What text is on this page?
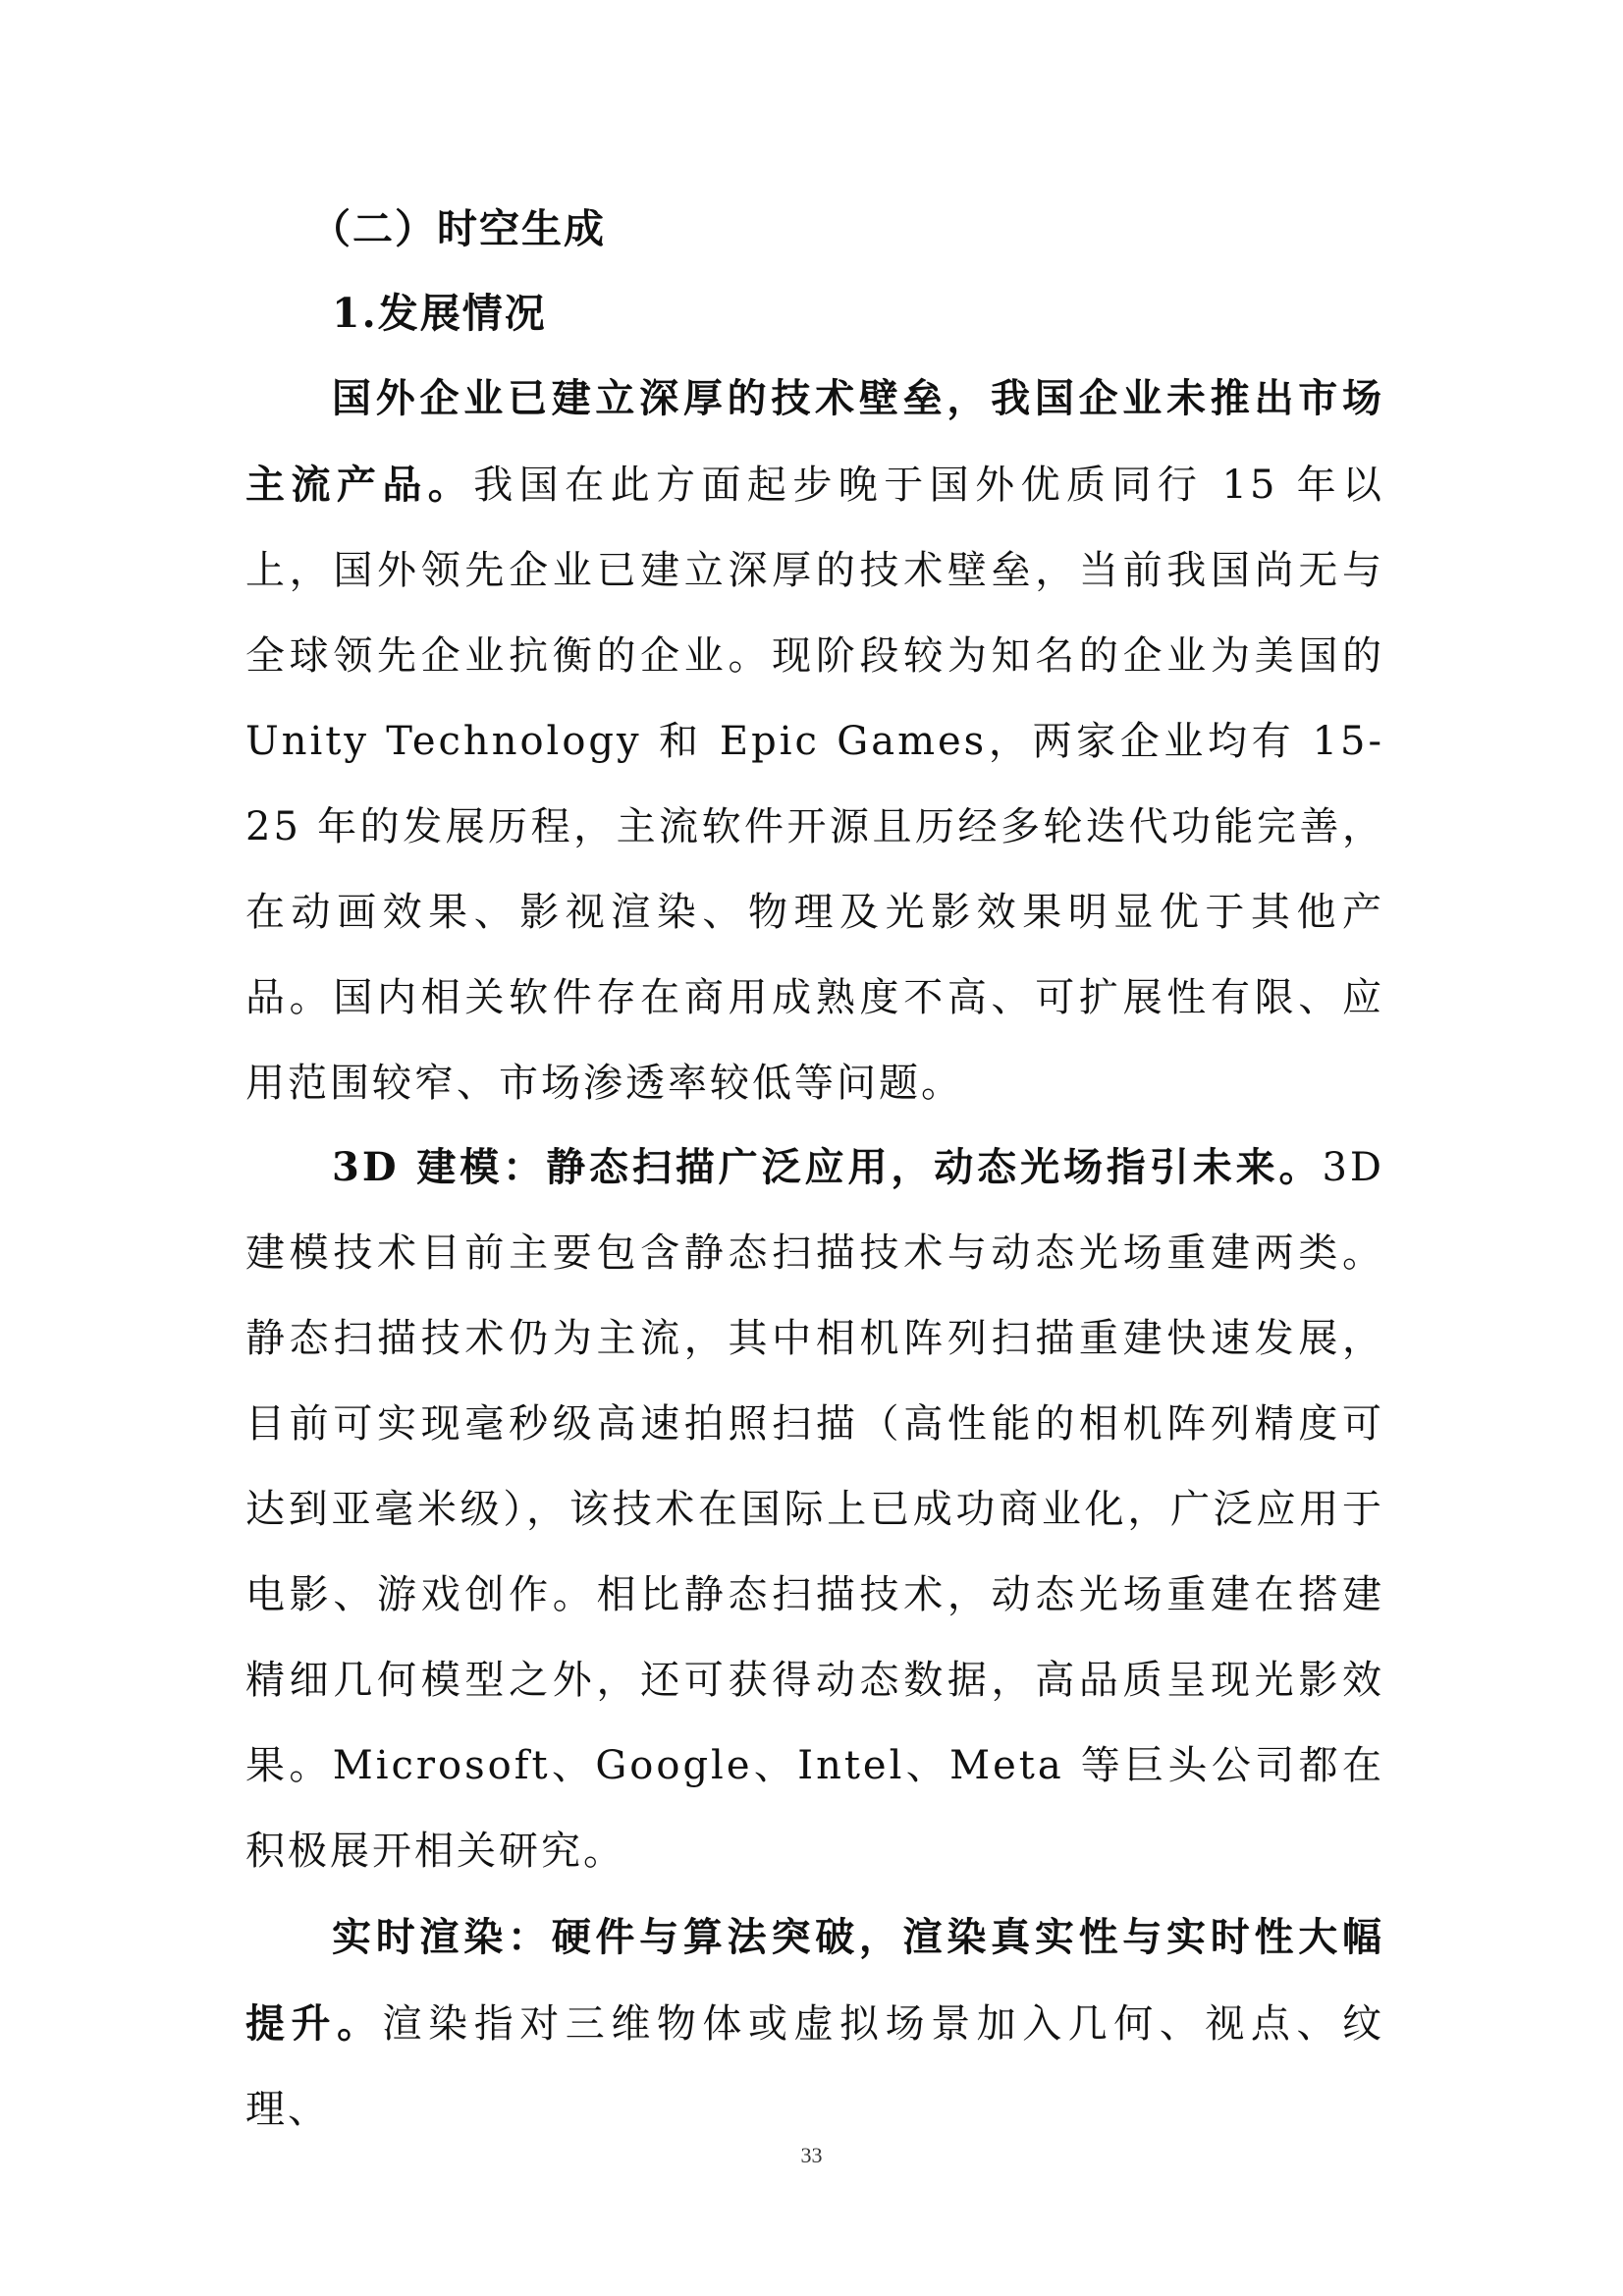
（二）时空生成
1.发展情况

国外企业已建立深厚的技术壁垒，我国企业未推出市场主流产品。我国在此方面起步晚于国外优质同行 15 年以上，国外领先企业已建立深厚的技术壁垒，当前我国尚无与全球领先企业抗衡的企业。现阶段较为知名的企业为美国的 Unity Technology 和 Epic Games，两家企业均有 15-25 年的发展历程，主流软件开源且历经多轮迭代功能完善，在动画效果、影视渲染、物理及光影效果明显优于其他产品。国内相关软件存在商用成熟度不高、可扩展性有限、应用范围较窄、市场渗透率较低等问题。

3D 建模：静态扫描广泛应用，动态光场指引未来。3D 建模技术目前主要包含静态扫描技术与动态光场重建两类。静态扫描技术仍为主流，其中相机阵列扫描重建快速发展，目前可实现毫秒级高速拍照扫描（高性能的相机阵列精度可达到亚毫米级），该技术在国际上已成功商业化，广泛应用于电影、游戏创作。相比静态扫描技术，动态光场重建在搭建精细几何模型之外，还可获得动态数据，高品质呈现光影效果。Microsoft、Google、Intel、Meta 等巨头公司都在积极展开相关研究。

实时渲染：硬件与算法突破，渲染真实性与实时性大幅提升。渲染指对三维物体或虚拟场景加入几何、视点、纹理、

33
